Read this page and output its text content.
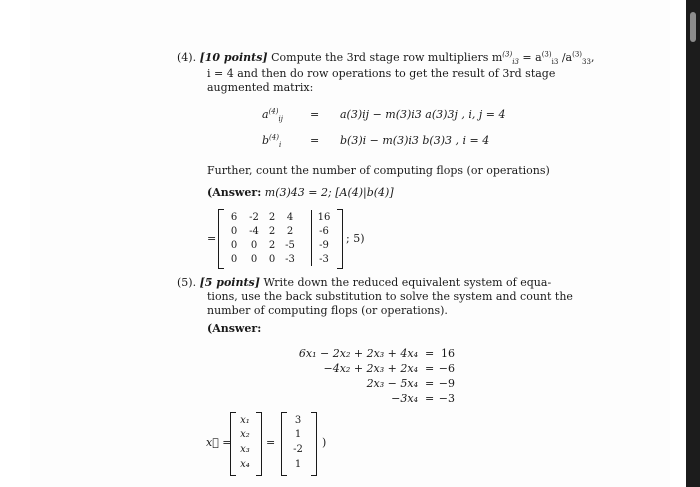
(4). [10 points] Compute the 3rd stage row multipliers $m^{(3)}_{i3} = a^{(3)}_{i3}$ $/a^{(3)}_{33}$,
i = 4 and then do row operations to get the result of 3rd stage
augmented matrix:
$a^{(4)}_{ij} = a(3)ij - m(3)i3$ a(3)3j , i, j = 4
$b^{(4)}_i$	= b(3)i − m(3)i3 b(3)3 , i = 4
Further, count the number of computing flops (or operations)
(Answer: m(3)43 = 2; [A(4)|b(4)]
=
6	-2 2	4	16
0	-4 2	2	-6
0	0	2 -5	-9
0	0	0 -3	-3
; 5)
(5). [5 points] Write down the reduced equivalent system of equa-
tions, use the back substitution to solve the system and count the
number of computing flops (or operations).
(Answer:
6x₁ − 2x₂ + 2x₃ + 4x₄ = 16
−4x₂ + 2x₃ + 2x₄ = −6
2x₃ − 5x₄ = −9
−3x₄ = −3
x⃗ =
x₁
x₂
x₃
x₄
=
3
1
-2
1
)
